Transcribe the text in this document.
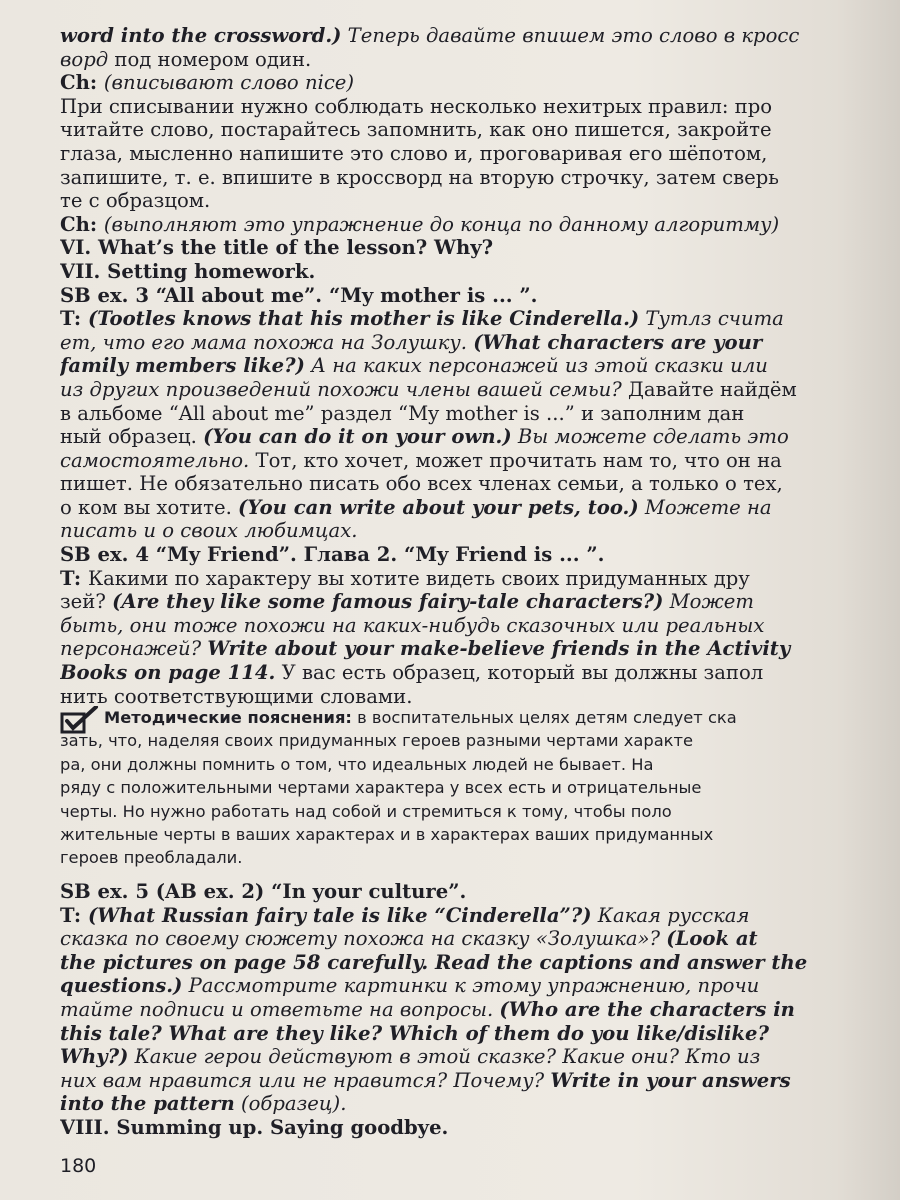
word into the crossword.) Теперь давайте впишем это слово в кросс
ворд под номером один.
Ch: (вписывают слово nice)
При списывании нужно соблюдать несколько нехитрых правил: про
читайте слово, постарайтесь запомнить, как оно пишется, закройте
глаза, мысленно напишите это слово и, проговаривая его шёпотом,
запишите, т. е. впишите в кроссворд на вторую строчку, затем сверь
те с образцом.
Ch: (выполняют это упражнение до конца по данному алгоритму)
VI. What’s the title of the lesson? Why?
VII. Setting homework.
SB ex. 3 “All about me”. “My mother is ... ”.
T: (Tootles knows that his mother is like Cinderella.) Тутлз счита
ет, что его мама похожа на Золушку. (What characters are your
family members like?) А на каких персонажей из этой сказки или
из других произведений похожи члены вашей семьи? Давайте найдём
в альбоме “All about me” раздел “My mother is ...” и заполним дан
ный образец. (You can do it on your own.) Вы можете сделать это
самостоятельно. Тот, кто хочет, может прочитать нам то, что он на
пишет. Не обязательно писать обо всех членах семьи, а только о тех,
о ком вы хотите. (You can write about your pets, too.) Можете на
писать и о своих любимцах.
SB ex. 4 “My Friend”. Глава 2. “My Friend is ... ”.
T: Какими по характеру вы хотите видеть своих придуманных дру
зей? (Are they like some famous fairy-tale characters?) Может
быть, они тоже похожи на каких-нибудь сказочных или реальных
персонажей? Write about your make-believe friends in the Activity
Books on page 114. У вас есть образец, который вы должны запол
нить соответствующими словами.
Методические пояснения: в воспитательных целях детям следует ска
зать, что, наделяя своих придуманных героев разными чертами характе
ра, они должны помнить о том, что идеальных людей не бывает. На
ряду с положительными чертами характера у всех есть и отрицательные
черты. Но нужно работать над собой и стремиться к тому, чтобы поло
жительные черты в ваших характерах и в характерах ваших придуманных
героев преобладали.
SB ex. 5 (AB ex. 2) “In your culture”.
T: (What Russian fairy tale is like “Cinderella”?) Какая русская
сказка по своему сюжету похожа на сказку «Золушка»? (Look at
the pictures on page 58 carefully. Read the captions and answer the
questions.) Рассмотрите картинки к этому упражнению, прочи
тайте подписи и ответьте на вопросы. (Who are the characters in
this tale? What are they like? Which of them do you like/dislike?
Why?) Какие герои действуют в этой сказке? Какие они? Кто из
них вам нравится или не нравится? Почему? Write in your answers
into the pattern (образец).
VIII. Summing up. Saying goodbye.
180
